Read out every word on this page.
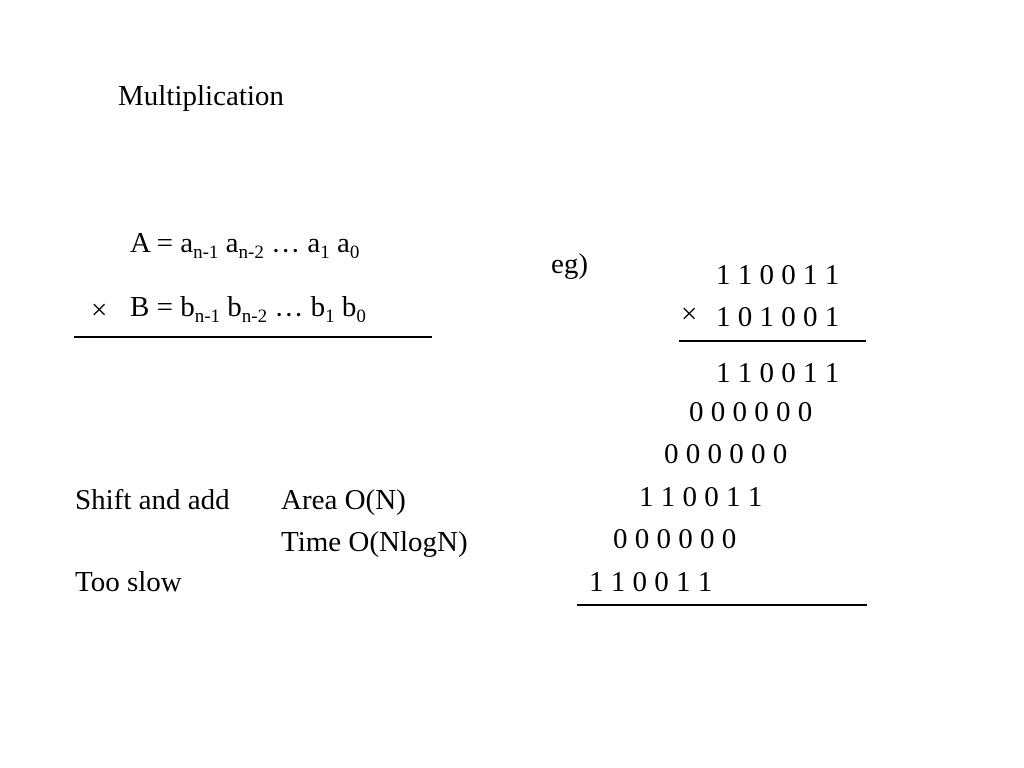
Multiplication
$A = a_{n-1}$ $a_{n-2}$ … $a_1$ $a_0$
× $B = b_{n-1}$ $b_{n-2}$ … $b_1$ $b_0$
Shift and add Area O(N)
Time O(NlogN)
Too slow
eg)	1 1 0 0 1 1
× 1 0 1 0 0 1
1 1 0 0 1 1
0 0 0 0 0 0
0 0 0 0 0 0
1 1 0 0 1 1
0 0 0 0 0 0
1 1 0 0 1 1
